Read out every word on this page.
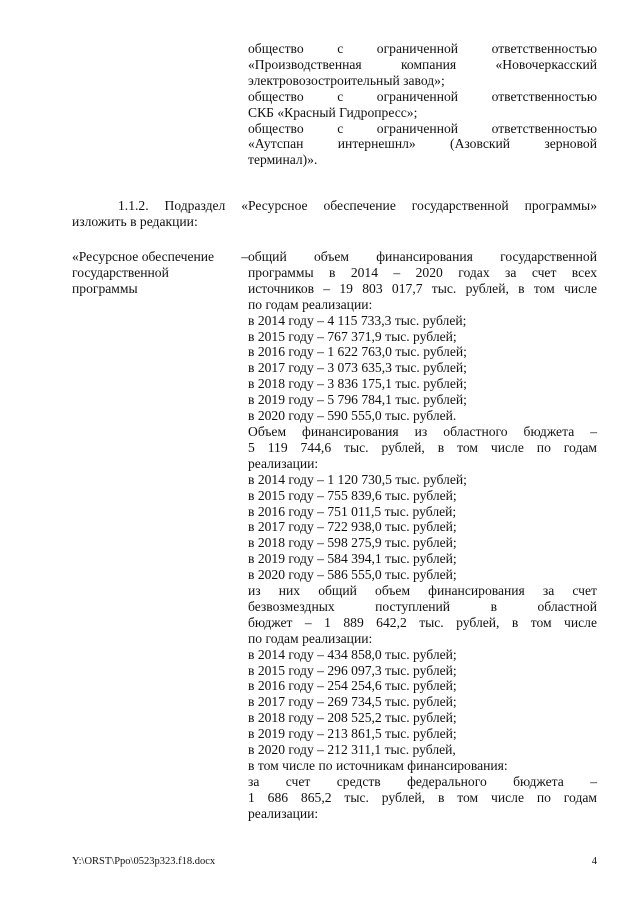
общество с ограниченной ответственностью
«Производственная компания «Новочеркасский
электровозостроительный завод»;
общество с ограниченной ответственностью
СКБ «Красный Гидропресс»;
общество с ограниченной ответственностью
«Аутспан интернешнл» (Азовский зерновой
терминал)».
1.1.2. Подраздел «Ресурсное обеспечение государственной программы»
изложить в редакции:
«Ресурсное обеспечение –
государственной
программы
общий объем финансирования государственной
программы в 2014 – 2020 годах за счет всех
источников – 19 803 017,7 тыс. рублей, в том числе
по годам реализации:
в 2014 году – 4 115 733,3 тыс. рублей;
в 2015 году – 767 371,9 тыс. рублей;
в 2016 году – 1 622 763,0 тыс. рублей;
в 2017 году – 3 073 635,3 тыс. рублей;
в 2018 году – 3 836 175,1 тыс. рублей;
в 2019 году – 5 796 784,1 тыс. рублей;
в 2020 году – 590 555,0 тыс. рублей.
Объем финансирования из областного бюджета –
5 119 744,6 тыс. рублей, в том числе по годам
реализации:
в 2014 году – 1 120 730,5 тыс. рублей;
в 2015 году – 755 839,6 тыс. рублей;
в 2016 году – 751 011,5 тыс. рублей;
в 2017 году – 722 938,0 тыс. рублей;
в 2018 году – 598 275,9 тыс. рублей;
в 2019 году – 584 394,1 тыс. рублей;
в 2020 году – 586 555,0 тыс. рублей;
из них общий объем финансирования за счет
безвозмездных поступлений в областной
бюджет – 1 889 642,2 тыс. рублей, в том числе
по годам реализации:
в 2014 году – 434 858,0 тыс. рублей;
в 2015 году – 296 097,3 тыс. рублей;
в 2016 году – 254 254,6 тыс. рублей;
в 2017 году – 269 734,5 тыс. рублей;
в 2018 году – 208 525,2 тыс. рублей;
в 2019 году – 213 861,5 тыс. рублей;
в 2020 году – 212 311,1 тыс. рублей,
в том числе по источникам финансирования:
за счет средств федерального бюджета –
1 686 865,2 тыс. рублей, в том числе по годам
реализации:
Y:\ORST\Ppo\0523p323.f18.docx	4
